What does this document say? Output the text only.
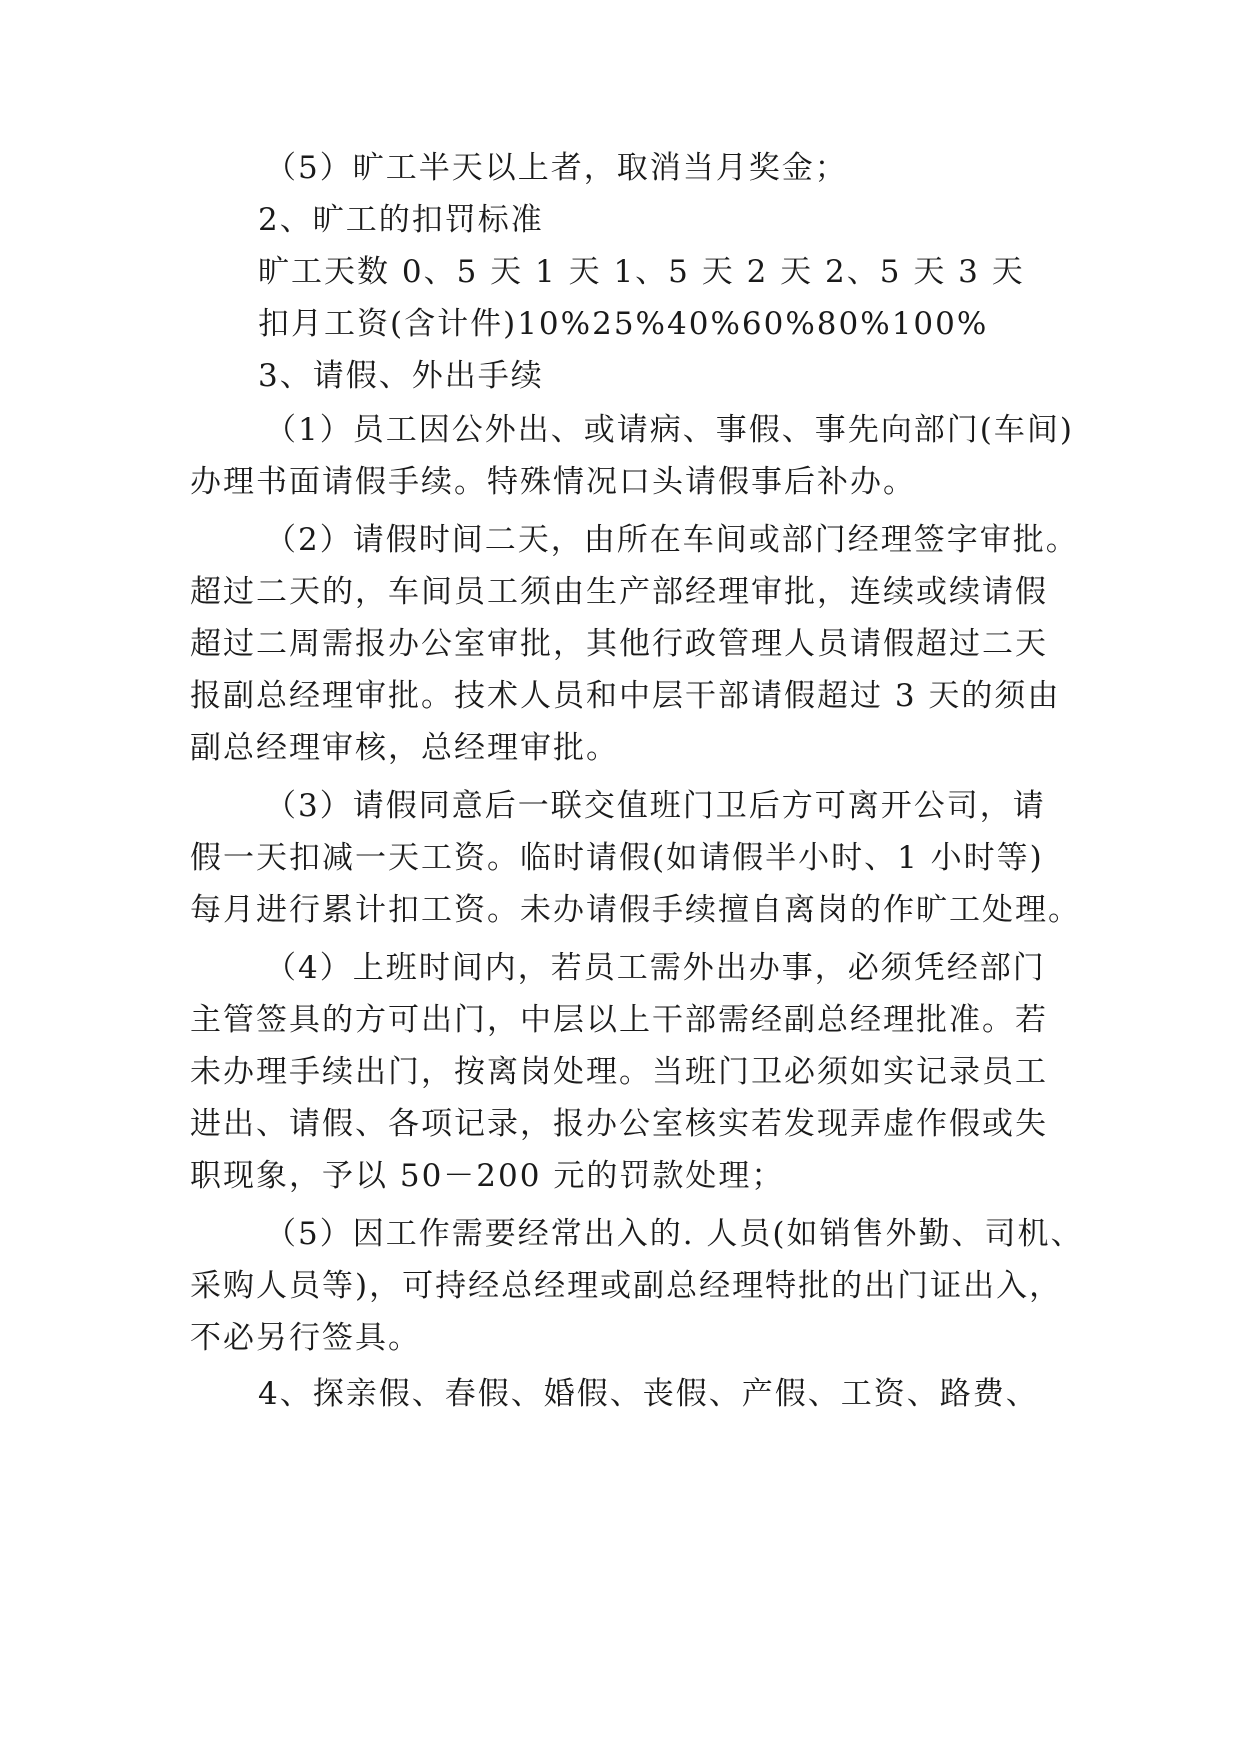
（5）旷工半天以上者，取消当月奖金；
2、旷工的扣罚标准
旷工天数 0、5 天 1 天 1、5 天 2 天 2、5 天 3 天
扣月工资(含计件)10%25%40%60%80%100%
3、请假、外出手续
（1）员工因公外出、或请病、事假、事先向部门(车间)
办理书面请假手续。特殊情况口头请假事后补办。
（2）请假时间二天，由所在车间或部门经理签字审批。
超过二天的，车间员工须由生产部经理审批，连续或续请假
超过二周需报办公室审批，其他行政管理人员请假超过二天
报副总经理审批。技术人员和中层干部请假超过 3 天的须由
副总经理审核，总经理审批。
（3）请假同意后一联交值班门卫后方可离开公司，请
假一天扣减一天工资。临时请假(如请假半小时、1 小时等)
每月进行累计扣工资。未办请假手续擅自离岗的作旷工处理。
（4）上班时间内，若员工需外出办事，必须凭经部门
主管签具的方可出门，中层以上干部需经副总经理批准。若
未办理手续出门，按离岗处理。当班门卫必须如实记录员工
进出、请假、各项记录，报办公室核实若发现弄虚作假或失
职现象，予以 50－200 元的罚款处理；
（5）因工作需要经常出入的. 人员(如销售外勤、司机、
采购人员等)，可持经总经理或副总经理特批的出门证出入，
不必另行签具。
4、探亲假、春假、婚假、丧假、产假、工资、路费、
